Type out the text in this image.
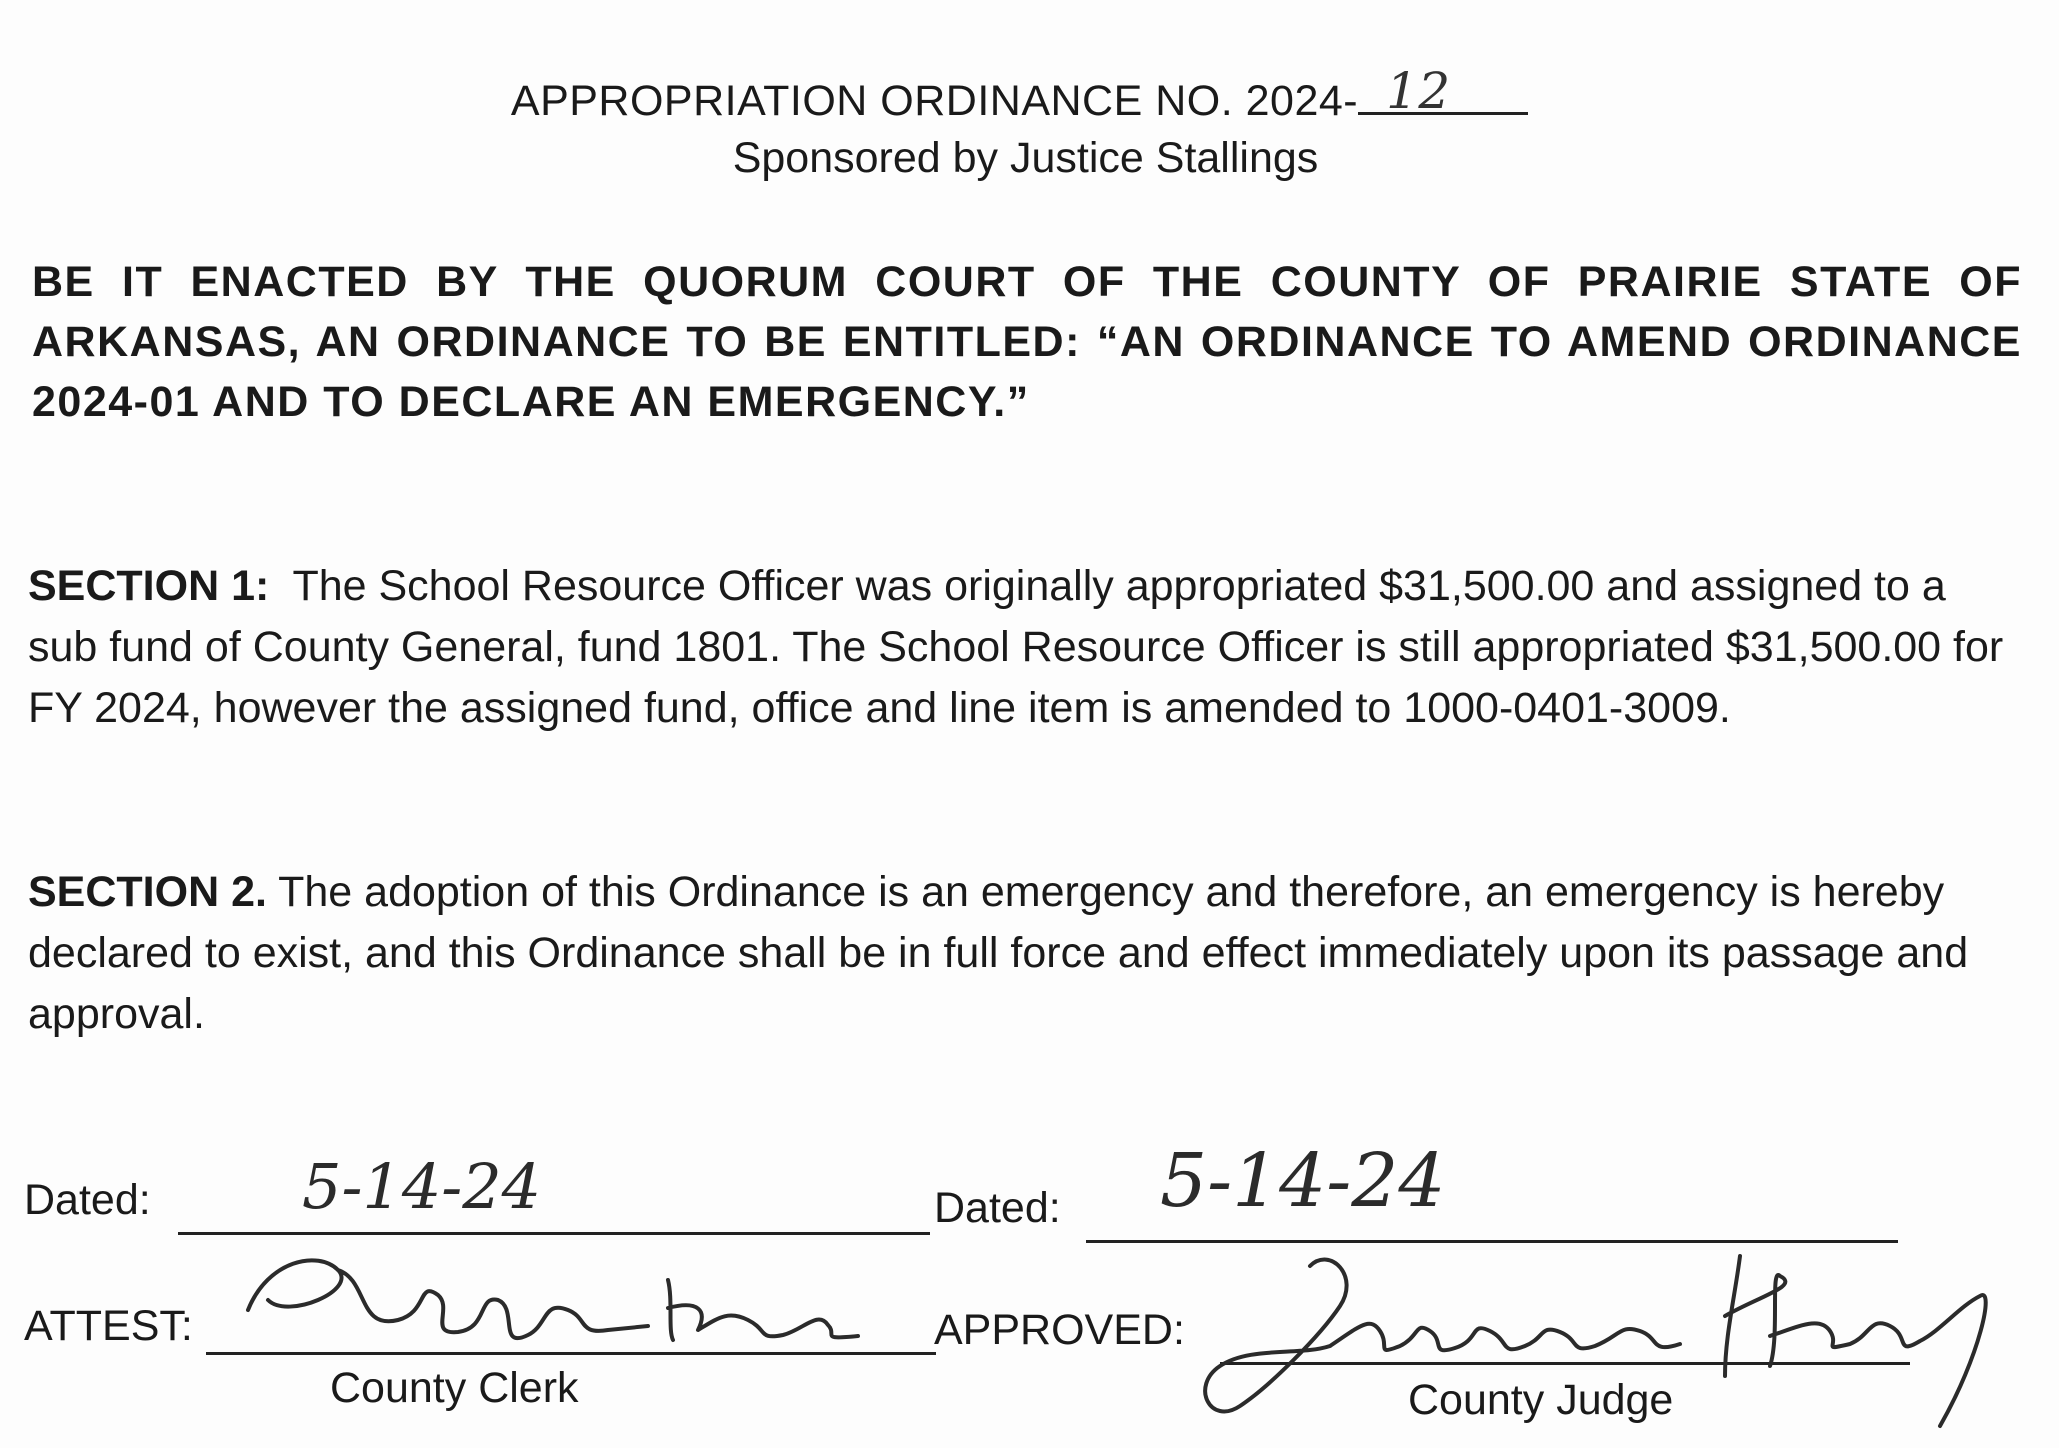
APPROPRIATION ORDINANCE NO. 2024- 12
Sponsored by Justice Stallings
BE IT ENACTED BY THE QUORUM COURT OF THE COUNTY OF PRAIRIE STATE OF ARKANSAS, AN ORDINANCE TO BE ENTITLED: “AN ORDINANCE TO AMEND ORDINANCE 2024-01 AND TO DECLARE AN EMERGENCY.”
SECTION 1: The School Resource Officer was originally appropriated $31,500.00 and assigned to a sub fund of County General, fund 1801. The School Resource Officer is still appropriated $31,500.00 for FY 2024, however the assigned fund, office and line item is amended to 1000-0401-3009.
SECTION 2. The adoption of this Ordinance is an emergency and therefore, an emergency is hereby declared to exist, and this Ordinance shall be in full force and effect immediately upon its passage and approval.
Dated: 5-14-24
ATTEST:
County Clerk
Dated: 5-14-24
APPROVED:
County Judge
